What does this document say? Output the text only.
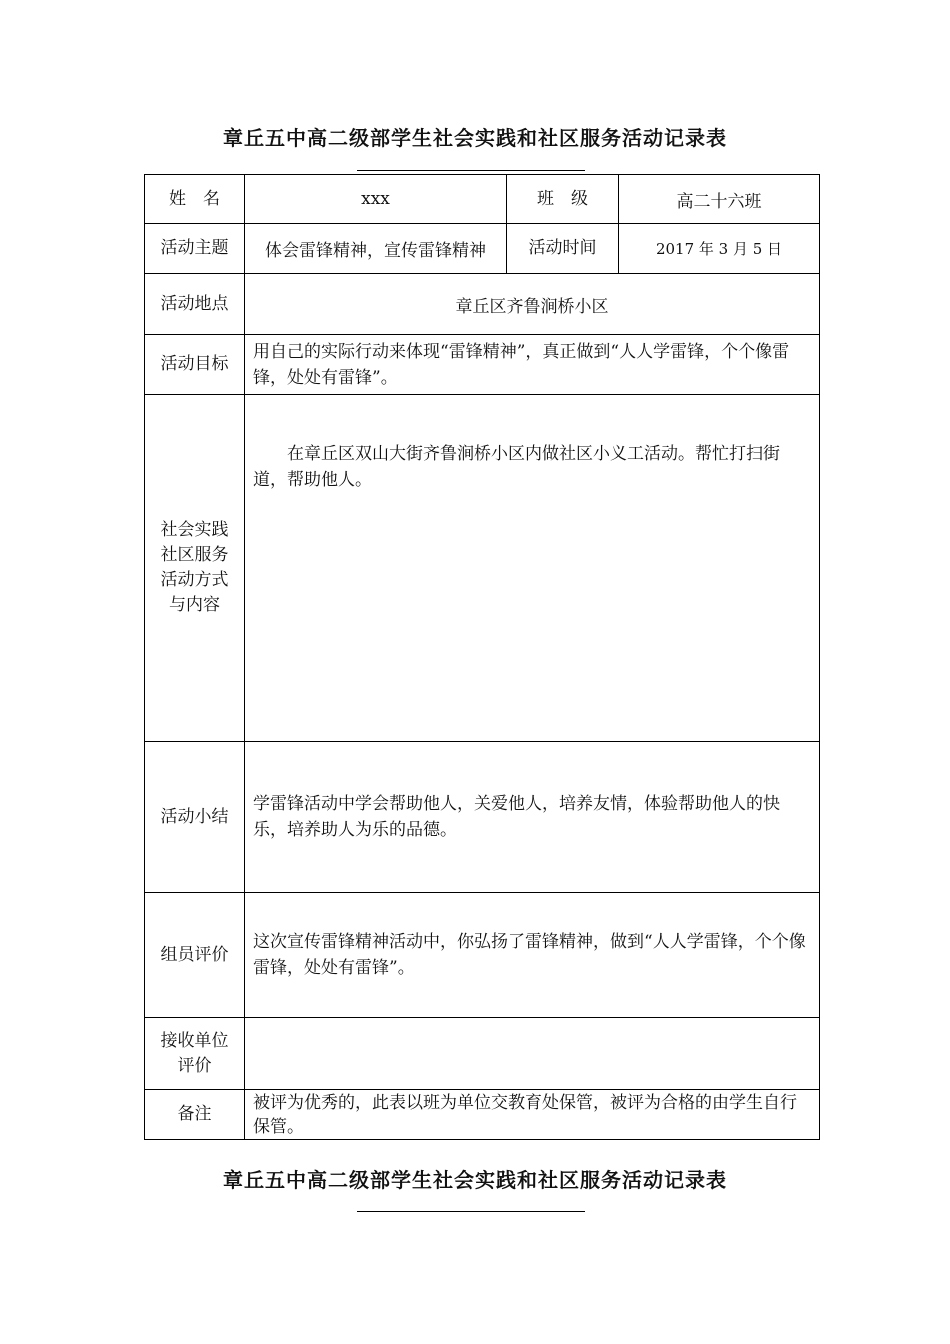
章丘五中高二级部学生社会实践和社区服务活动记录表
姓　名	xxx	班　级	高二十六班
活动主题	体会雷锋精神，宣传雷锋精神	活动时间	2017 年 3 月 5 日
活动地点	章丘区齐鲁涧桥小区		
活动目标	用自己的实际行动来体现“雷锋精神”，真正做到“人人学雷锋，个个像雷锋，处处有雷锋”。		
社会实践社区服务活动方式与内容	　　在章丘区双山大街齐鲁涧桥小区内做社区小义工活动。帮忙打扫街道，帮助他人。		
活动小结	学雷锋活动中学会帮助他人，关爱他人，培养友情，体验帮助他人的快乐，培养助人为乐的品德。		
组员评价	这次宣传雷锋精神活动中，你弘扬了雷锋精神，做到“人人学雷锋，个个像雷锋，处处有雷锋”。		
接收单位评价			
备注	被评为优秀的，此表以班为单位交教育处保管，被评为合格的由学生自行保管。		
章丘五中高二级部学生社会实践和社区服务活动记录表
